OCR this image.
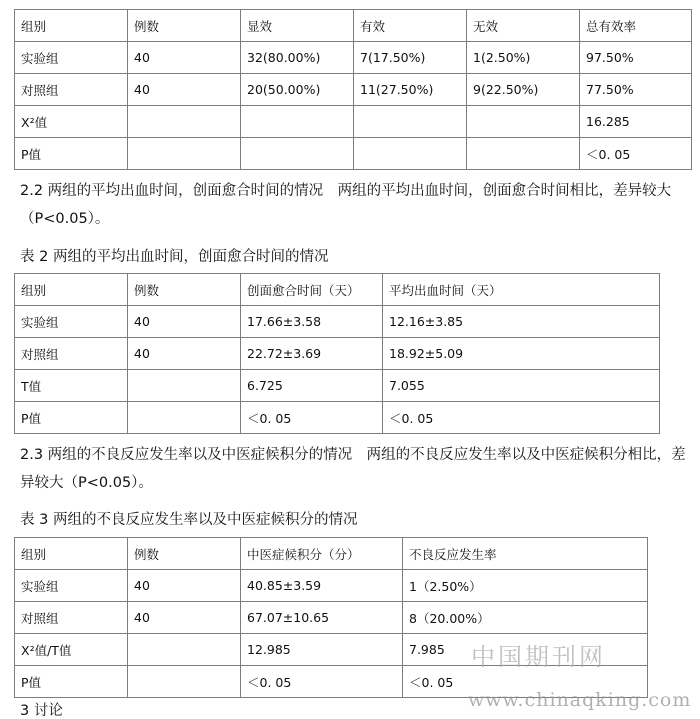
组别	例数	显效	有效	无效	总有效率
实验组	40	32(80.00%)	7(17.50%)	1(2.50%)	97.50%
对照组	40	20(50.00%)	11(27.50%)	9(22.50%)	77.50%
X²值					16.285
P值					＜0. 05

2.2 两组的平均出血时间，创面愈合时间的情况　两组的平均出血时间，创面愈合时间相比，差异较大（P<0.05）。

表 2 两组的平均出血时间，创面愈合时间的情况

组别	例数	创面愈合时间（天）	平均出血时间（天）
实验组	40	17.66±3.58	12.16±3.85
对照组	40	22.72±3.69	18.92±5.09
T值		6.725	7.055
P值		＜0. 05	＜0. 05

2.3 两组的不良反应发生率以及中医症候积分的情况　两组的不良反应发生率以及中医症候积分相比，差异较大（P<0.05）。

表 3 两组的不良反应发生率以及中医症候积分的情况

组别	例数	中医症候积分（分）	不良反应发生率
实验组	40	40.85±3.59	1（2.50%）
对照组	40	67.07±10.65	8（20.00%）
X²值/T值		12.985	7.985
P值		＜0. 05	＜0. 05
中国期刊网
www.chinaqking.com
3 讨论
